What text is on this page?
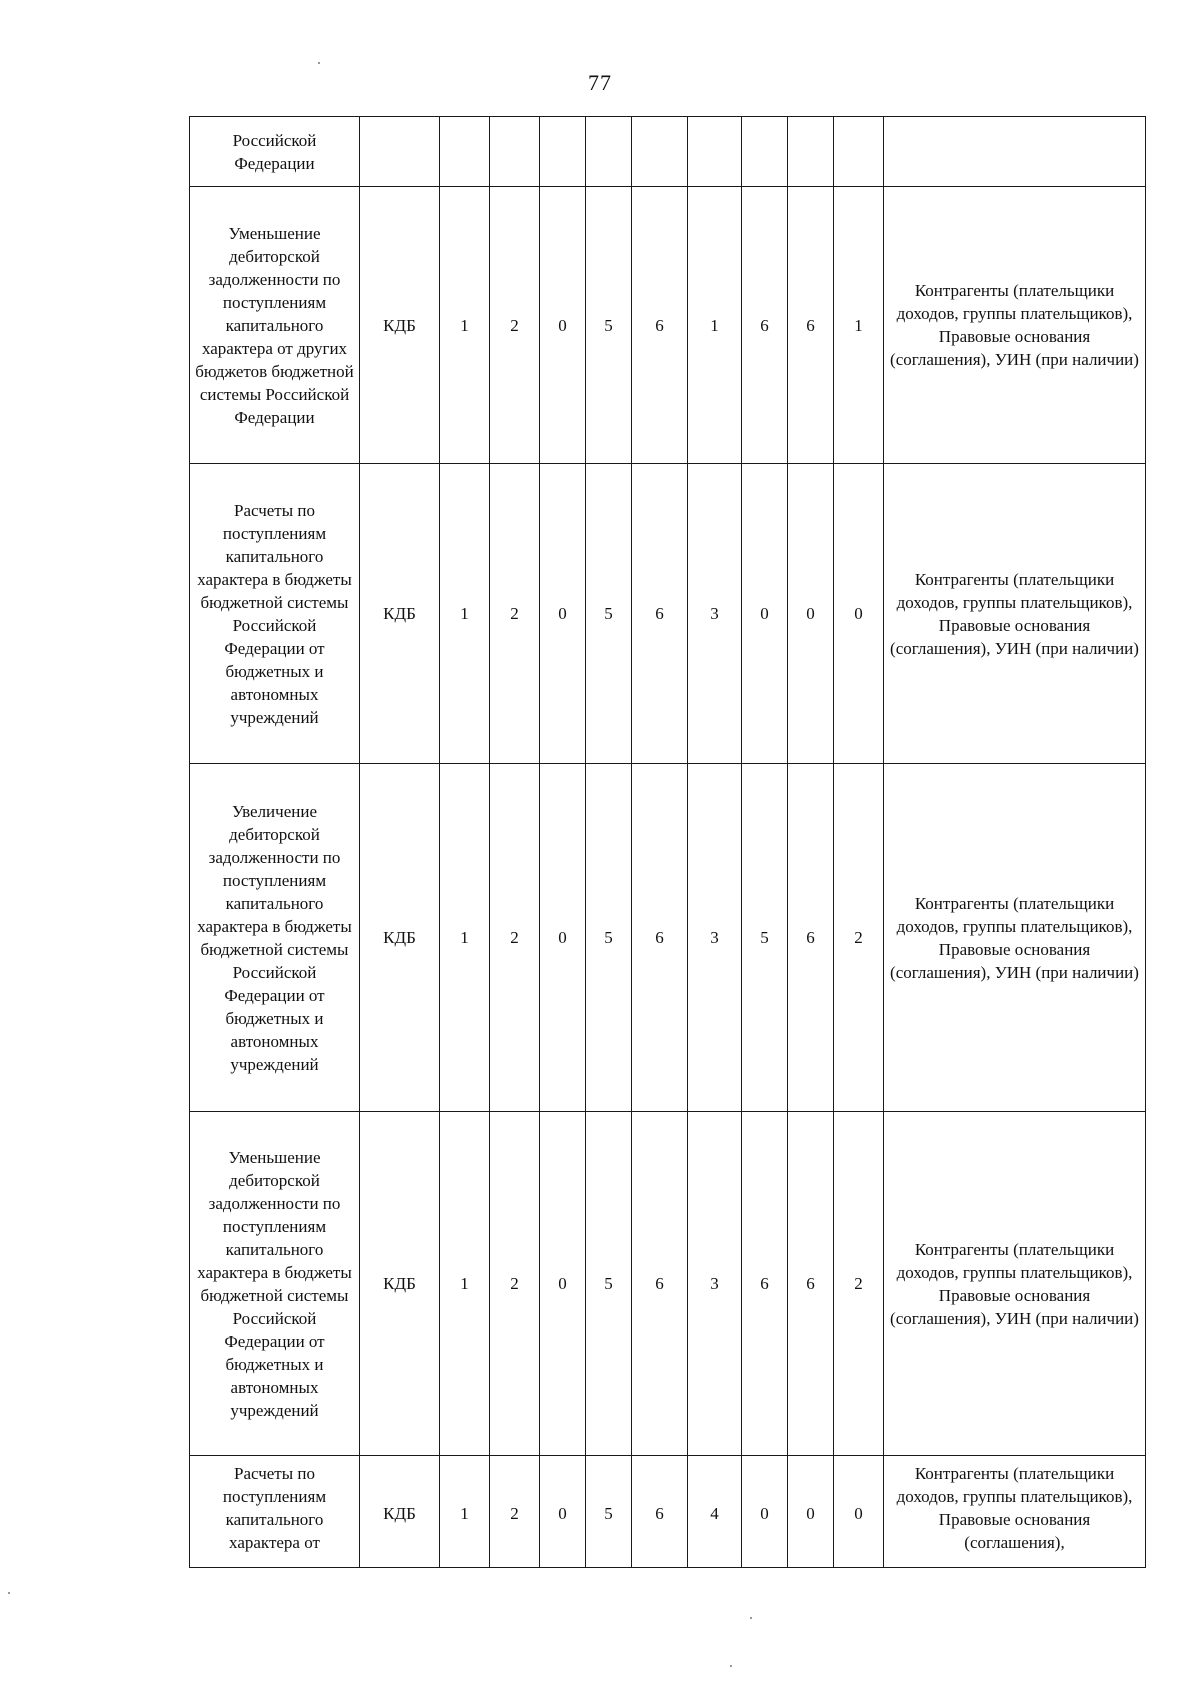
77
Российской Федерации											
Уменьшение дебиторской задолженности по поступлениям капитального характера от других бюджетов бюджетной системы Российской Федерации	КДБ	1	2	0	5	6	1	6	6	1	Контрагенты (плательщики доходов, группы плательщиков), Правовые основания (соглашения), УИН (при наличии)
Расчеты по поступлениям капитального характера в бюджеты бюджетной системы Российской Федерации от бюджетных и автономных учреждений	КДБ	1	2	0	5	6	3	0	0	0	Контрагенты (плательщики доходов, группы плательщиков), Правовые основания (соглашения), УИН (при наличии)
Увеличение дебиторской задолженности по поступлениям капитального характера в бюджеты бюджетной системы Российской Федерации от бюджетных и автономных учреждений	КДБ	1	2	0	5	6	3	5	6	2	Контрагенты (плательщики доходов, группы плательщиков), Правовые основания (соглашения), УИН (при наличии)
Уменьшение дебиторской задолженности по поступлениям капитального характера в бюджеты бюджетной системы Российской Федерации от бюджетных и автономных учреждений	КДБ	1	2	0	5	6	3	6	6	2	Контрагенты (плательщики доходов, группы плательщиков), Правовые основания (соглашения), УИН (при наличии)
Расчеты по поступлениям капитального характера от	КДБ	1	2	0	5	6	4	0	0	0	Контрагенты (плательщики доходов, группы плательщиков), Правовые основания (соглашения),
